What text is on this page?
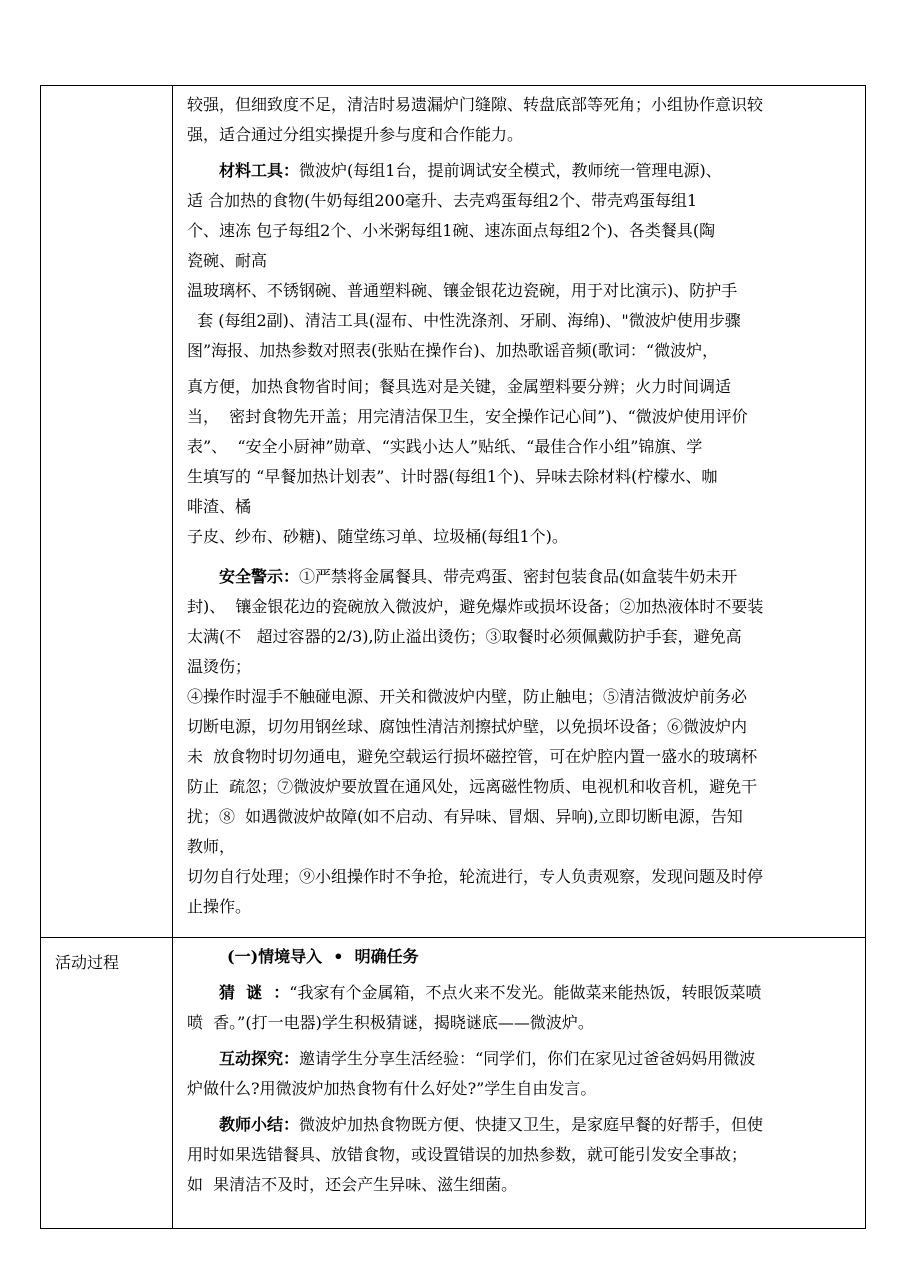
较强，但细致度不足，清洁时易遗漏炉门缝隙、转盘底部等死角；小组协作意识较
强，适合通过分组实操提升参与度和合作能力。
材料工具：微波炉(每组1台，提前调试安全模式，教师统一管理电源)、
适 合加热的食物(牛奶每组200毫升、去壳鸡蛋每组2个、带壳鸡蛋每组1
个、速冻 包子每组2个、小米粥每组1碗、速冻面点每组2个)、各类餐具(陶
瓷碗、耐高
温玻璃杯、不锈钢碗、普通塑料碗、镶金银花边瓷碗，用于对比演示)、防护手
套 (每组2副)、清洁工具(湿布、中性洗涤剂、牙刷、海绵)、"微波炉使用步骤
图”海报、加热参数对照表(张贴在操作台)、加热歌谣音频(歌词：“微波炉，
真方便，加热食物省时间；餐具选对是关键，金属塑料要分辨；火力时间调适
当，  密封食物先开盖；用完清洁保卫生，安全操作记心间”)、“微波炉使用评价
表”、  “安全小厨神”勋章、“实践小达人”贴纸、“最佳合作小组”锦旗、学
生填写的 “早餐加热计划表”、计时器(每组1个)、异味去除材料(柠檬水、咖
啡渣、橘
子皮、纱布、砂糖)、随堂练习单、垃圾桶(每组1个)。
安全警示：①严禁将金属餐具、带壳鸡蛋、密封包装食品(如盒装牛奶未开
封)、  镶金银花边的瓷碗放入微波炉，避免爆炸或损坏设备；②加热液体时不要装
太满(不   超过容器的2/3),防止溢出烫伤；③取餐时必须佩戴防护手套，避免高
温烫伤；
④操作时湿手不触碰电源、开关和微波炉内壁，防止触电；⑤清洁微波炉前务必
切断电源，切勿用钢丝球、腐蚀性清洁剂擦拭炉壁，以免损坏设备；⑥微波炉内
未  放食物时切勿通电，避免空载运行损坏磁控管，可在炉腔内置一盛水的玻璃杯
防止  疏忽；⑦微波炉要放置在通风处，远离磁性物质、电视机和收音机，避免干
扰；⑧  如遇微波炉故障(如不启动、有异味、冒烟、异响),立即切断电源，告知
教师，
切勿自行处理；⑨小组操作时不争抢，轮流进行，专人负责观察，发现问题及时停
止操作。
活动过程	(一)情境导入  •  明确任务
猜  谜  ：“我家有个金属箱，不点火来不发光。能做菜来能热饭，转眼饭菜喷
喷  香。”(打一电器)学生积极猜谜，揭晓谜底——微波炉。
互动探究：邀请学生分享生活经验：“同学们，你们在家见过爸爸妈妈用微波
炉做什么?用微波炉加热食物有什么好处?”学生自由发言。
教师小结：微波炉加热食物既方便、快捷又卫生，是家庭早餐的好帮手，但使
用时如果选错餐具、放错食物，或设置错误的加热参数，就可能引发安全事故；
如  果清洁不及时，还会产生异味、滋生细菌。
